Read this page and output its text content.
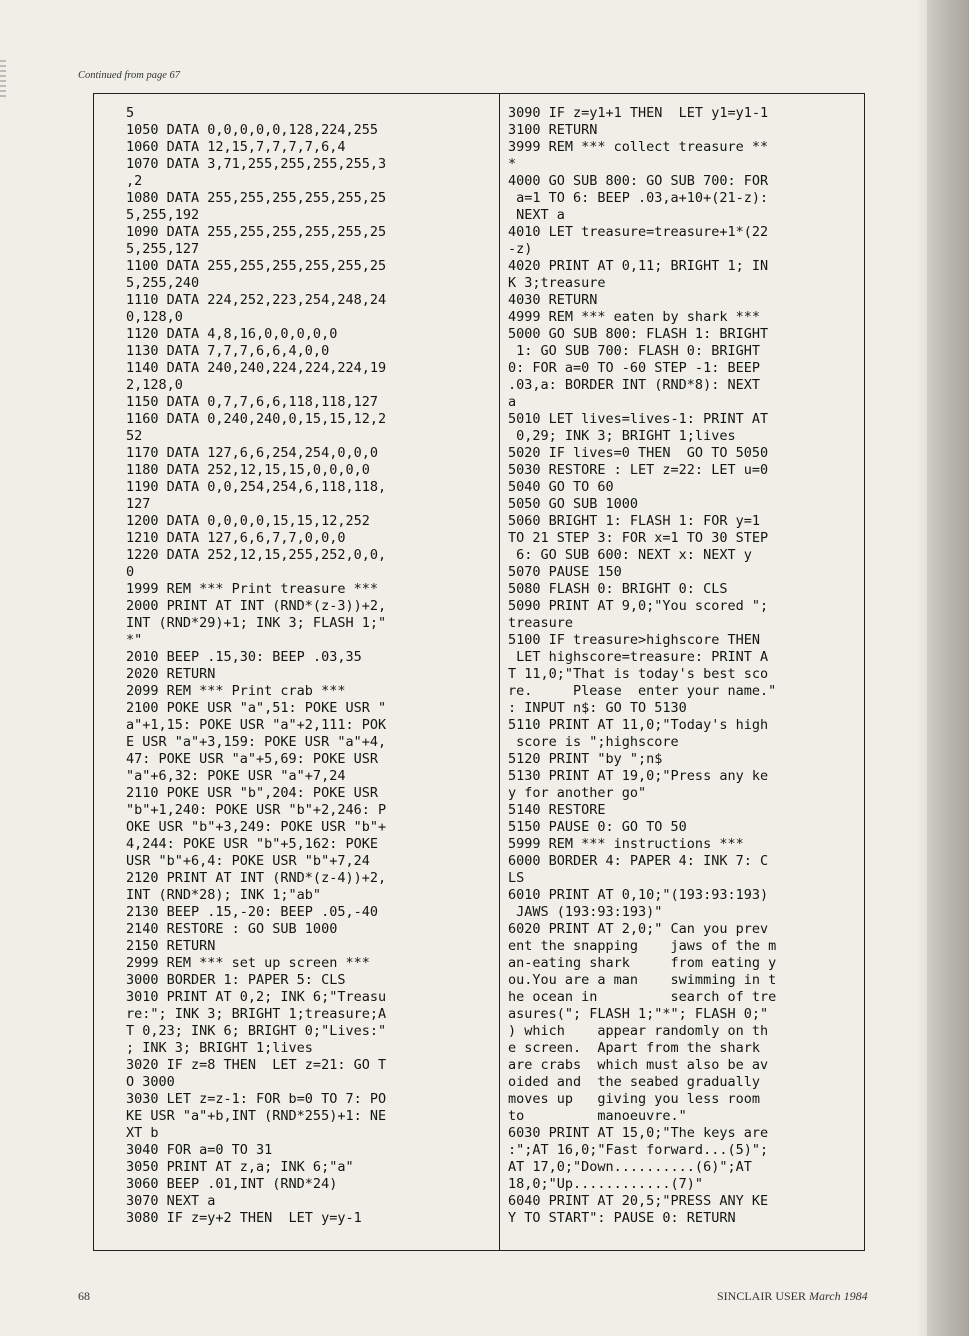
Continued from page 67
5
1050 DATA 0,0,0,0,0,128,224,255
1060 DATA 12,15,7,7,7,7,6,4
1070 DATA 3,71,255,255,255,255,3
,2
1080 DATA 255,255,255,255,255,25
5,255,192
1090 DATA 255,255,255,255,255,25
5,255,127
1100 DATA 255,255,255,255,255,25
5,255,240
1110 DATA 224,252,223,254,248,24
0,128,0
1120 DATA 4,8,16,0,0,0,0,0
1130 DATA 7,7,7,6,6,4,0,0
1140 DATA 240,240,224,224,224,19
2,128,0
1150 DATA 0,7,7,6,6,118,118,127
1160 DATA 0,240,240,0,15,15,12,2
52
1170 DATA 127,6,6,254,254,0,0,0
1180 DATA 252,12,15,15,0,0,0,0
1190 DATA 0,0,254,254,6,118,118,
127
1200 DATA 0,0,0,0,15,15,12,252
1210 DATA 127,6,6,7,7,0,0,0
1220 DATA 252,12,15,255,252,0,0,
0
1999 REM *** Print treasure ***
2000 PRINT AT INT (RND*(z-3))+2,
INT (RND*29)+1; INK 3; FLASH 1;"
*"
2010 BEEP .15,30: BEEP .03,35
2020 RETURN
2099 REM *** Print crab ***
2100 POKE USR "a",51: POKE USR "
a"+1,15: POKE USR "a"+2,111: POK
E USR "a"+3,159: POKE USR "a"+4,
47: POKE USR "a"+5,69: POKE USR
"a"+6,32: POKE USR "a"+7,24
2110 POKE USR "b",204: POKE USR
"b"+1,240: POKE USR "b"+2,246: P
OKE USR "b"+3,249: POKE USR "b"+
4,244: POKE USR "b"+5,162: POKE
USR "b"+6,4: POKE USR "b"+7,24
2120 PRINT AT INT (RND*(z-4))+2,
INT (RND*28); INK 1;"ab"
2130 BEEP .15,-20: BEEP .05,-40
2140 RESTORE : GO SUB 1000
2150 RETURN
2999 REM *** set up screen ***
3000 BORDER 1: PAPER 5: CLS
3010 PRINT AT 0,2; INK 6;"Treasu
re:"; INK 3; BRIGHT 1;treasure;A
T 0,23; INK 6; BRIGHT 0;"Lives:"
; INK 3; BRIGHT 1;lives
3020 IF z=8 THEN  LET z=21: GO T
O 3000
3030 LET z=z-1: FOR b=0 TO 7: PO
KE USR "a"+b,INT (RND*255)+1: NE
XT b
3040 FOR a=0 TO 31
3050 PRINT AT z,a; INK 6;"a"
3060 BEEP .01,INT (RND*24)
3070 NEXT a
3080 IF z=y+2 THEN  LET y=y-1
3090 IF z=y1+1 THEN  LET y1=y1-1
3100 RETURN
3999 REM *** collect treasure **
*
4000 GO SUB 800: GO SUB 700: FOR
a=1 TO 6: BEEP .03,a+10+(21-z):
NEXT a
4010 LET treasure=treasure+1*(22
-z)
4020 PRINT AT 0,11; BRIGHT 1; IN
K 3;treasure
4030 RETURN
4999 REM *** eaten by shark ***
5000 GO SUB 800: FLASH 1: BRIGHT
1: GO SUB 700: FLASH 0: BRIGHT
0: FOR a=0 TO -60 STEP -1: BEEP
.03,a: BORDER INT (RND*8): NEXT
a
5010 LET lives=lives-1: PRINT AT
0,29; INK 3; BRIGHT 1;lives
5020 IF lives=0 THEN  GO TO 5050
5030 RESTORE : LET z=22: LET u=0
5040 GO TO 60
5050 GO SUB 1000
5060 BRIGHT 1: FLASH 1: FOR y=1
TO 21 STEP 3: FOR x=1 TO 30 STEP
6: GO SUB 600: NEXT x: NEXT y
5070 PAUSE 150
5080 FLASH 0: BRIGHT 0: CLS
5090 PRINT AT 9,0;"You scored ";
treasure
5100 IF treasure>highscore THEN
LET highscore=treasure: PRINT A
T 11,0;"That is today's best sco
re.     Please  enter your name."
: INPUT n$: GO TO 5130
5110 PRINT AT 11,0;"Today's high
score is ";highscore
5120 PRINT "by ";n$
5130 PRINT AT 19,0;"Press any ke
y for another go"
5140 RESTORE
5150 PAUSE 0: GO TO 50
5999 REM *** instructions ***
6000 BORDER 4: PAPER 4: INK 7: C
LS
6010 PRINT AT 0,10;"(193:93:193)
JAWS (193:93:193)"
6020 PRINT AT 2,0;" Can you prev
ent the snapping    jaws of the m
an-eating shark     from eating y
ou.You are a man    swimming in t
he ocean in         search of tre
asures("; FLASH 1;"*"; FLASH 0;"
) which    appear randomly on th
e screen.  Apart from the shark
are crabs  which must also be av
oided and  the seabed gradually
moves up   giving you less room
to         manoeuvre."
6030 PRINT AT 15,0;"The keys are
:";AT 16,0;"Fast forward...(5)";
AT 17,0;"Down..........(6)";AT
18,0;"Up............(7)"
6040 PRINT AT 20,5;"PRESS ANY KE
Y TO START": PAUSE 0: RETURN
68	SINCLAIR USER March 1984
